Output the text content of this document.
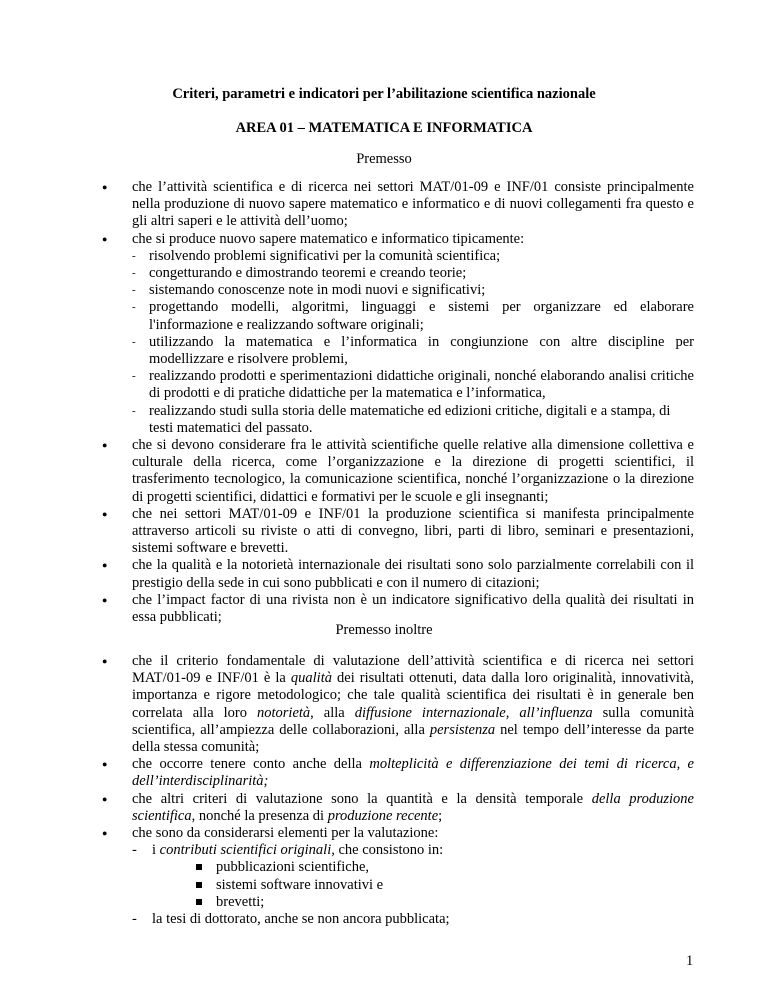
Criteri, parametri e indicatori per l’abilitazione scientifica nazionale
AREA 01 – MATEMATICA E INFORMATICA
Premesso
● che l’attività scientifica e di ricerca nei settori MAT/01-09 e INF/01 consiste principalmente nella produzione di nuovo sapere matematico e informatico e di nuovi collegamenti fra questo e gli altri saperi e le attività dell’uomo;

● che si produce nuovo sapere matematico e informatico tipicamente:

- risolvendo problemi significativi per la comunità scientifica;
- congetturando e dimostrando teoremi e creando teorie;
- sistemando conoscenze note in modi nuovi e significativi;
- progettando modelli, algoritmi, linguaggi e sistemi per organizzare ed elaborare l'informazione e realizzando software originali;
- utilizzando la matematica e l’informatica in congiunzione con altre discipline per modellizzare e risolvere problemi,
- realizzando prodotti e sperimentazioni didattiche originali, nonché elaborando analisi critiche di prodotti e di pratiche didattiche per la matematica e l’informatica,
- realizzando studi sulla storia delle matematiche ed edizioni critiche, digitali e a stampa, di testi matematici del passato.
● che si devono considerare fra le attività scientifiche quelle relative alla dimensione collettiva e culturale della ricerca, come l’organizzazione e la direzione di progetti scientifici, il trasferimento tecnologico, la comunicazione scientifica, nonché l’organizzazione o la direzione di progetti scientifici, didattici e formativi per le scuole e gli insegnanti;

● che nei settori MAT/01-09 e INF/01 la produzione scientifica si manifesta principalmente attraverso articoli su riviste o atti di convegno, libri, parti di libro, seminari e presentazioni, sistemi software e brevetti.

● che la qualità e la notorietà internazionale dei risultati sono solo parzialmente correlabili con il prestigio della sede in cui sono pubblicati e con il numero di citazioni;

● che l’impact factor di una rivista non è un indicatore significativo della qualità dei risultati in essa pubblicati;

Premesso inoltre
● che il criterio fondamentale di valutazione dell’attività scientifica e di ricerca nei settori MAT/01-09 e INF/01 è la qualità dei risultati ottenuti, data dalla loro originalità, innovatività, importanza e rigore metodologico; che tale qualità scientifica dei risultati è in generale ben correlata alla loro notorietà, alla diffusione internazionale, all’influenza sulla comunità scientifica, all’ampiezza delle collaborazioni, alla persistenza nel tempo dell’interesse da parte della stessa comunità;

● che occorre tenere conto anche della molteplicità e differenziazione dei temi di ricerca, e dell’interdisciplinarità;

● che altri criteri di valutazione sono la quantità e la densità temporale della produzione scientifica, nonché la presenza di produzione recente;

● che sono da considerarsi elementi per la valutazione:

- i contributi scientifici originali, che consistono in:
pubblicazioni scientifiche,
sistemi software innovativi e
brevetti;
- la tesi di dottorato, anche se non ancora pubblicata;
1
